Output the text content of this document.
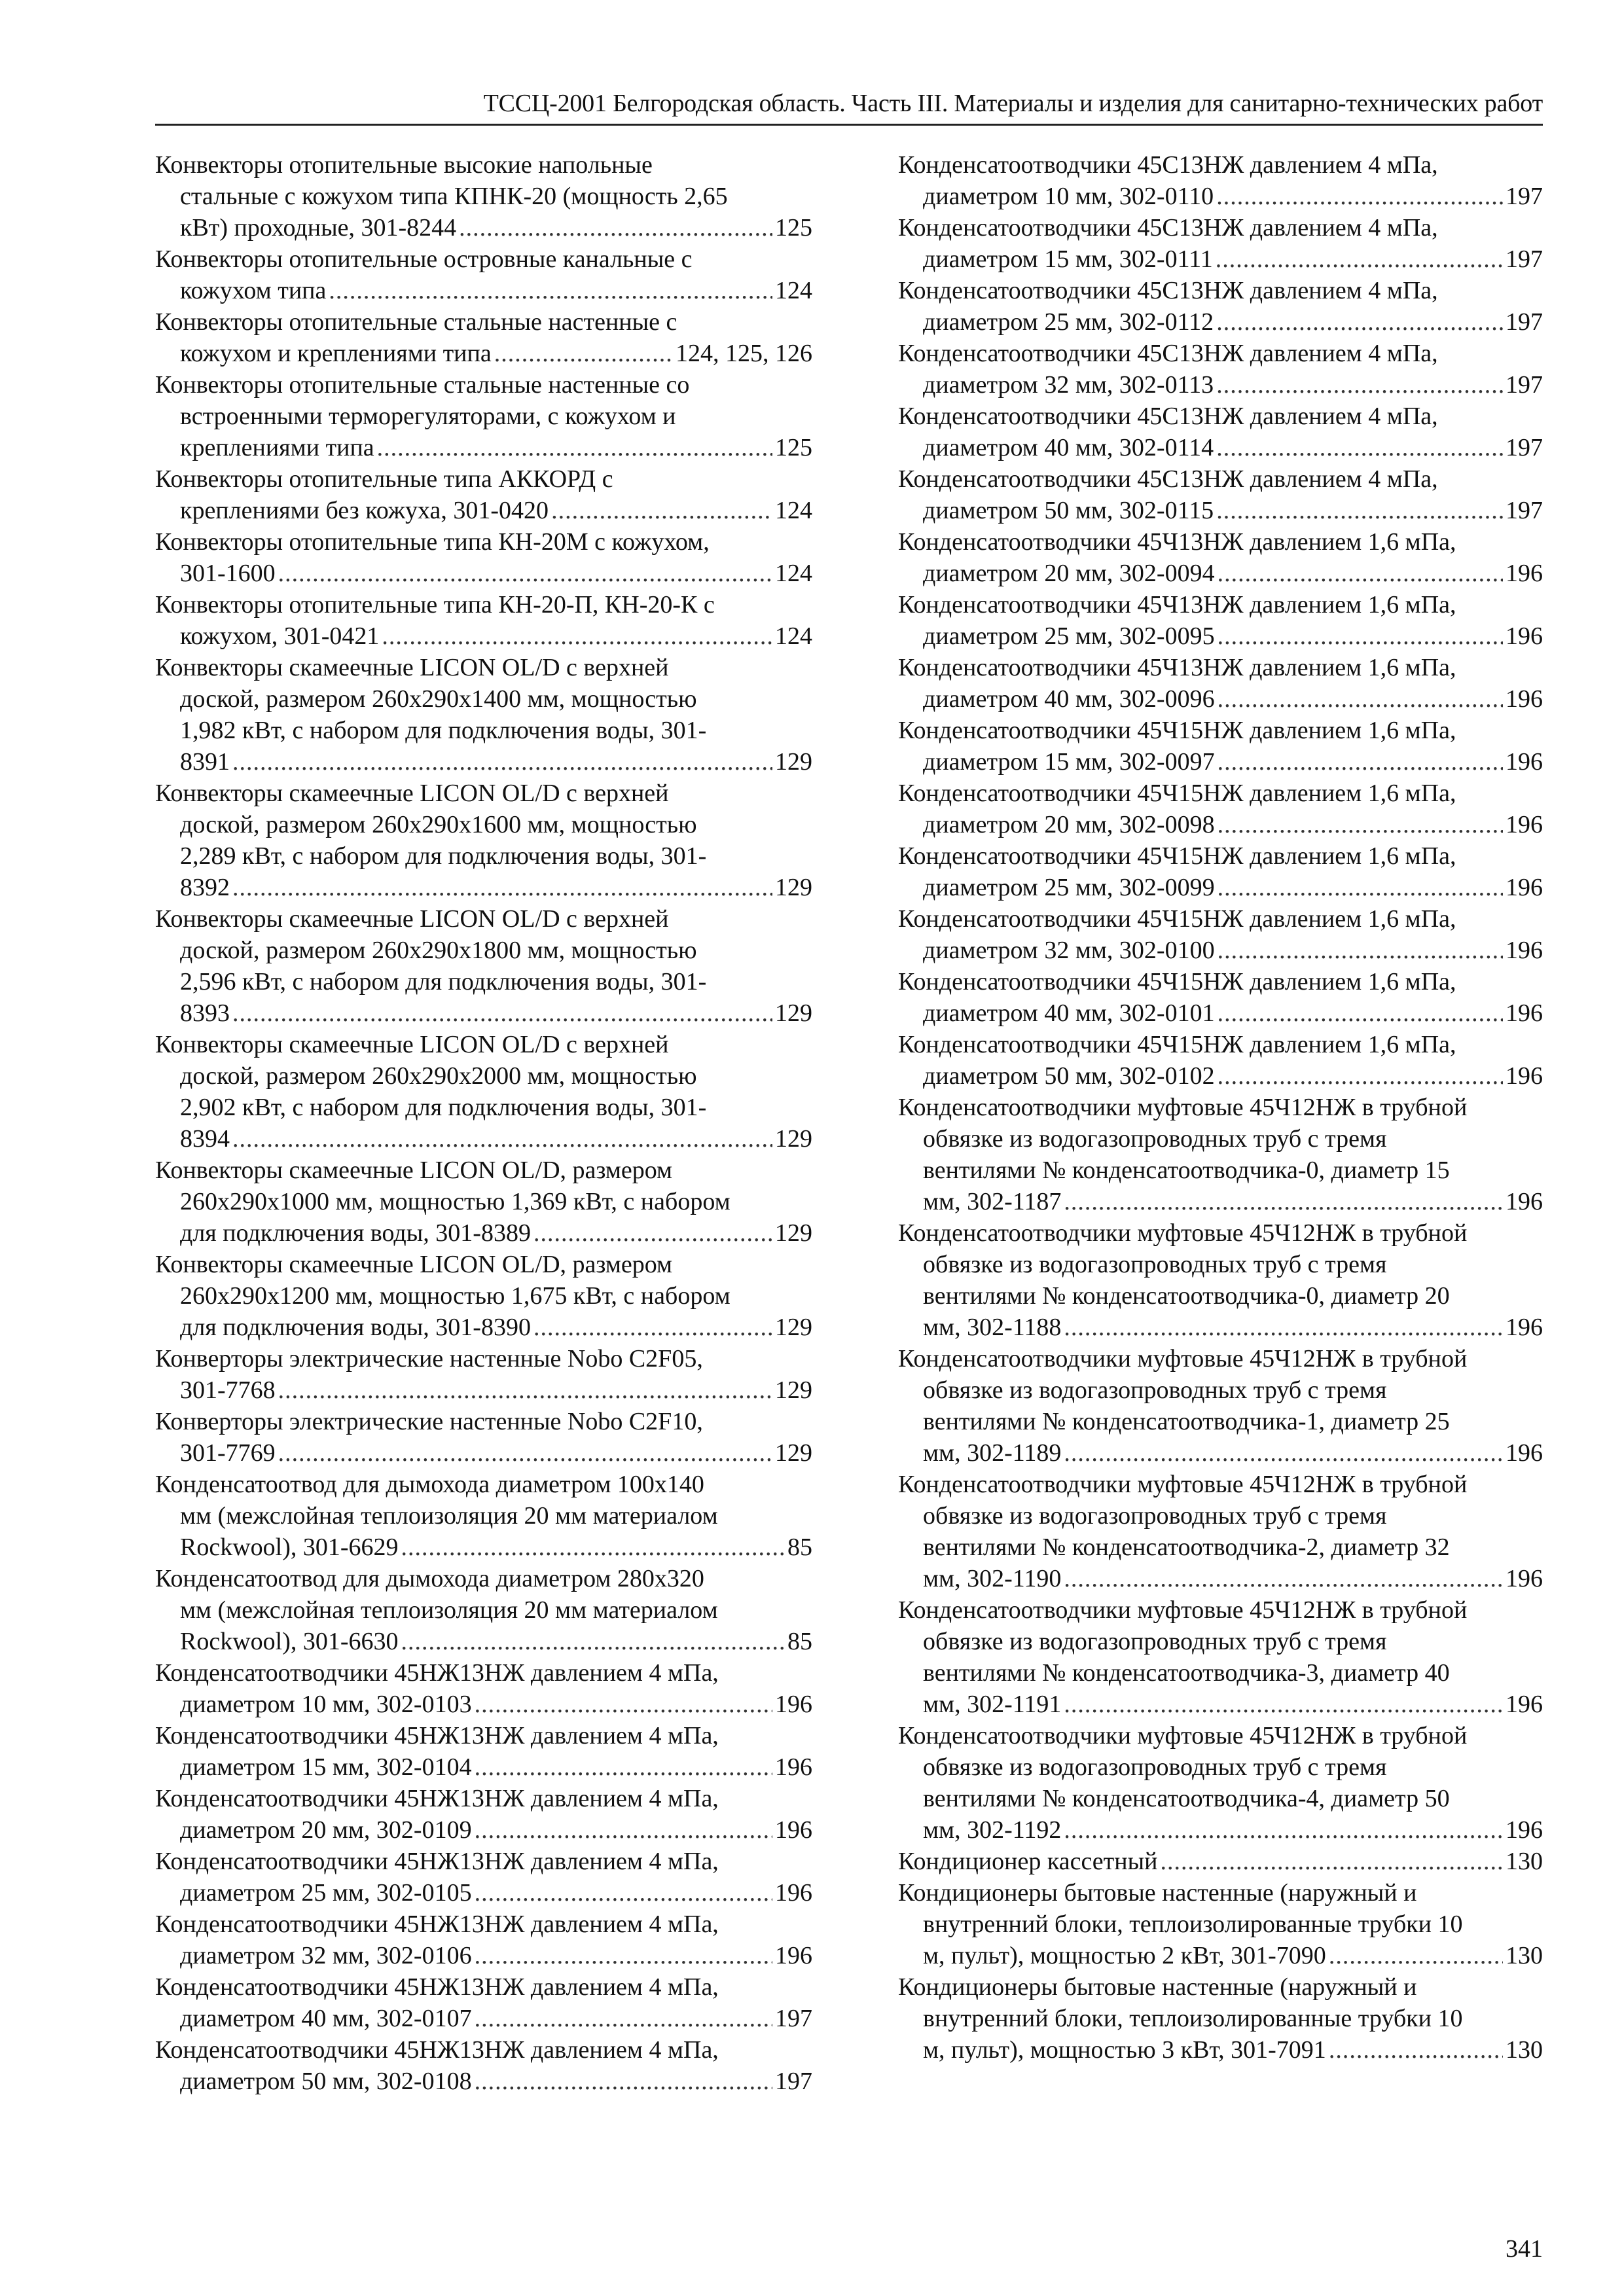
ТССЦ-2001 Белгородская область. Часть III. Материалы и изделия для санитарно-технических работ
Конвекторы отопительные высокие напольные
стальные с кожухом типа КПНК-20 (мощность 2,65
кВт) проходные, 301-8244 .....	125
Конвекторы отопительные островные канальные с
кожухом типа .....	124
Конвекторы отопительные стальные настенные с
кожухом и креплениями типа .....	124, 125, 126
Конвекторы отопительные стальные настенные со
встроенными терморегуляторами, с кожухом и
креплениями типа .....	125
Конвекторы отопительные типа АККОРД с
креплениями без кожуха, 301-0420 .....	124
Конвекторы отопительные типа КН-20М с кожухом,
301-1600 .....	124
Конвекторы отопительные типа КН-20-П, КН-20-К с
кожухом, 301-0421 .....	124
Конвекторы скамеечные LICON OL/D с верхней
доской, размером 260х290х1400 мм, мощностью
1,982 кВт, с набором для подключения воды, 301-
8391 .....	129
Конвекторы скамеечные LICON OL/D с верхней
доской, размером 260х290х1600 мм, мощностью
2,289 кВт, с набором для подключения воды, 301-
8392 .....	129
Конвекторы скамеечные LICON OL/D с верхней
доской, размером 260х290х1800 мм, мощностью
2,596 кВт, с набором для подключения воды, 301-
8393 .....	129
Конвекторы скамеечные LICON OL/D с верхней
доской, размером 260х290х2000 мм, мощностью
2,902 кВт, с набором для подключения воды, 301-
8394 .....	129
Конвекторы скамеечные LICON OL/D, размером
260х290х1000 мм, мощностью 1,369 кВт, с набором
для подключения воды, 301-8389 .....	129
Конвекторы скамеечные LICON OL/D, размером
260х290х1200 мм, мощностью 1,675 кВт, с набором
для подключения воды, 301-8390 .....	129
Конверторы электрические настенные Nobo C2F05,
301-7768 .....	129
Конверторы электрические настенные Nobo C2F10,
301-7769 .....	129
Конденсатоотвод для дымохода диаметром 100х140
мм (межслойная теплоизоляция 20 мм материалом
Rockwool), 301-6629 .....	85
Конденсатоотвод для дымохода диаметром 280х320
мм (межслойная теплоизоляция 20 мм материалом
Rockwool), 301-6630 .....	85
Конденсатоотводчики 45НЖ13НЖ давлением 4 мПа,
диаметром 10 мм, 302-0103 .....	196
Конденсатоотводчики 45НЖ13НЖ давлением 4 мПа,
диаметром 15 мм, 302-0104 .....	196
Конденсатоотводчики 45НЖ13НЖ давлением 4 мПа,
диаметром 20 мм, 302-0109 .....	196
Конденсатоотводчики 45НЖ13НЖ давлением 4 мПа,
диаметром 25 мм, 302-0105 .....	196
Конденсатоотводчики 45НЖ13НЖ давлением 4 мПа,
диаметром 32 мм, 302-0106 .....	196
Конденсатоотводчики 45НЖ13НЖ давлением 4 мПа,
диаметром 40 мм, 302-0107 .....	197
Конденсатоотводчики 45НЖ13НЖ давлением 4 мПа,
диаметром 50 мм, 302-0108 .....	197
Конденсатоотводчики 45С13НЖ давлением 4 мПа,
диаметром 10 мм, 302-0110 .....	197
Конденсатоотводчики 45С13НЖ давлением 4 мПа,
диаметром 15 мм, 302-0111 .....	197
Конденсатоотводчики 45С13НЖ давлением 4 мПа,
диаметром 25 мм, 302-0112 .....	197
Конденсатоотводчики 45С13НЖ давлением 4 мПа,
диаметром 32 мм, 302-0113 .....	197
Конденсатоотводчики 45С13НЖ давлением 4 мПа,
диаметром 40 мм, 302-0114 .....	197
Конденсатоотводчики 45С13НЖ давлением 4 мПа,
диаметром 50 мм, 302-0115 .....	197
Конденсатоотводчики 45Ч13НЖ давлением 1,6 мПа,
диаметром 20 мм, 302-0094 .....	196
Конденсатоотводчики 45Ч13НЖ давлением 1,6 мПа,
диаметром 25 мм, 302-0095 .....	196
Конденсатоотводчики 45Ч13НЖ давлением 1,6 мПа,
диаметром 40 мм, 302-0096 .....	196
Конденсатоотводчики 45Ч15НЖ давлением 1,6 мПа,
диаметром 15 мм, 302-0097 .....	196
Конденсатоотводчики 45Ч15НЖ давлением 1,6 мПа,
диаметром 20 мм, 302-0098 .....	196
Конденсатоотводчики 45Ч15НЖ давлением 1,6 мПа,
диаметром 25 мм, 302-0099 .....	196
Конденсатоотводчики 45Ч15НЖ давлением 1,6 мПа,
диаметром 32 мм, 302-0100 .....	196
Конденсатоотводчики 45Ч15НЖ давлением 1,6 мПа,
диаметром 40 мм, 302-0101 .....	196
Конденсатоотводчики 45Ч15НЖ давлением 1,6 мПа,
диаметром 50 мм, 302-0102 .....	196
Конденсатоотводчики муфтовые 45Ч12НЖ в трубной
обвязке из водогазопроводных труб с тремя
вентилями № конденсатоотводчика-0, диаметр 15
мм, 302-1187 .....	196
Конденсатоотводчики муфтовые 45Ч12НЖ в трубной
обвязке из водогазопроводных труб с тремя
вентилями № конденсатоотводчика-0, диаметр 20
мм, 302-1188 .....	196
Конденсатоотводчики муфтовые 45Ч12НЖ в трубной
обвязке из водогазопроводных труб с тремя
вентилями № конденсатоотводчика-1, диаметр 25
мм, 302-1189 .....	196
Конденсатоотводчики муфтовые 45Ч12НЖ в трубной
обвязке из водогазопроводных труб с тремя
вентилями № конденсатоотводчика-2, диаметр 32
мм, 302-1190 .....	196
Конденсатоотводчики муфтовые 45Ч12НЖ в трубной
обвязке из водогазопроводных труб с тремя
вентилями № конденсатоотводчика-3, диаметр 40
мм, 302-1191 .....	196
Конденсатоотводчики муфтовые 45Ч12НЖ в трубной
обвязке из водогазопроводных труб с тремя
вентилями № конденсатоотводчика-4, диаметр 50
мм, 302-1192 .....	196
Кондиционер кассетный .....	130
Кондиционеры бытовые настенные (наружный и
внутренний блоки, теплоизолированные трубки 10
м, пульт), мощностью 2 кВт, 301-7090 .....	130
Кондиционеры бытовые настенные (наружный и
внутренний блоки, теплоизолированные трубки 10
м, пульт), мощностью 3 кВт, 301-7091 .....	130
341
